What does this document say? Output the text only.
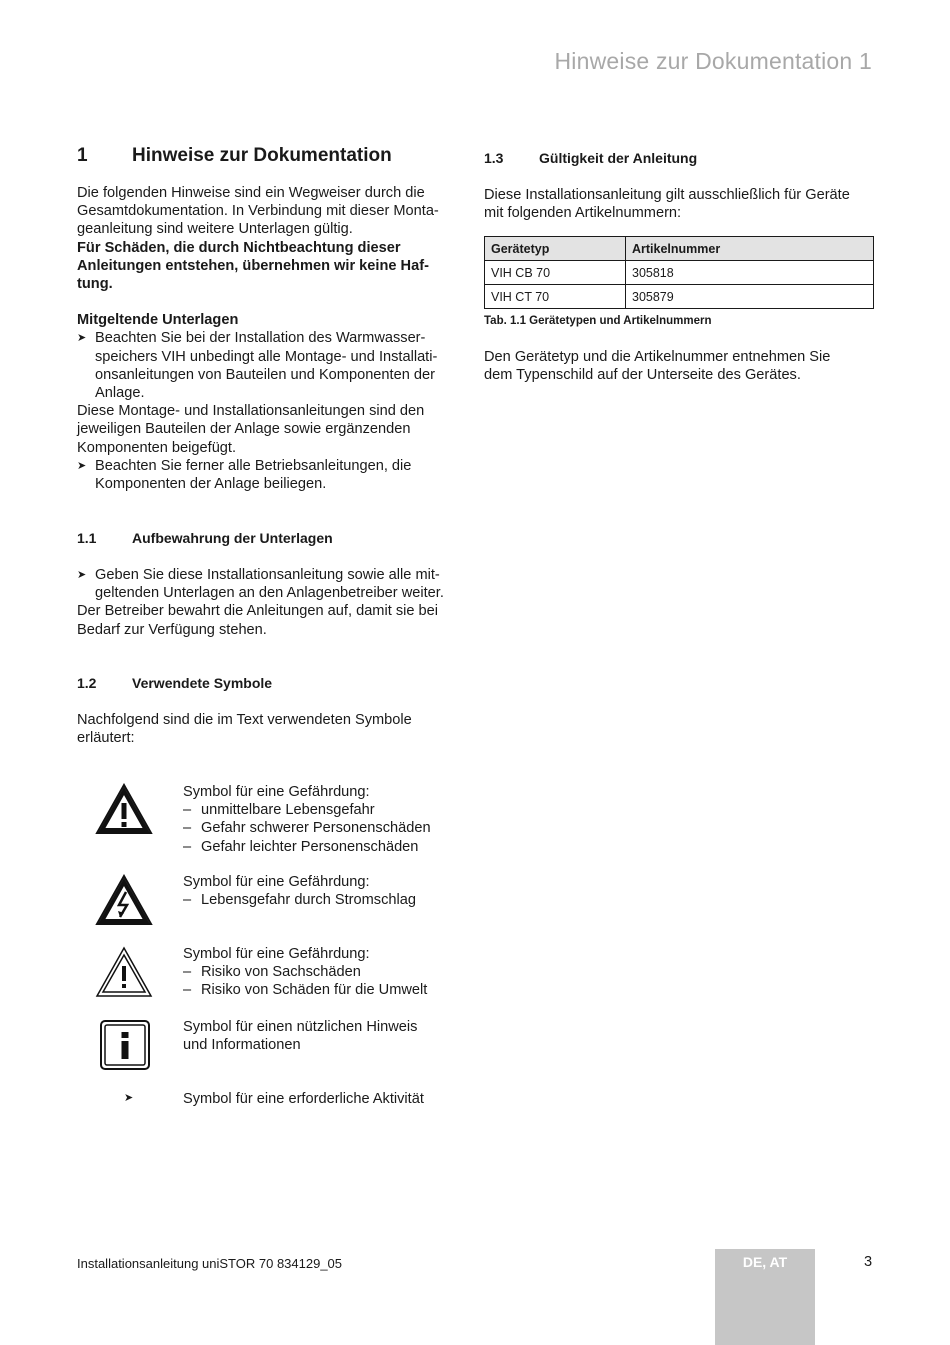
Hinweise zur Dokumentation 1
1	Hinweise zur Dokumentation

Die folgenden Hinweise sind ein Wegweiser durch die

Gesamtdokumentation. In Verbindung mit dieser Monta-

geanleitung sind weitere Unterlagen gültig.

Für Schäden, die durch Nichtbeachtung dieser

Anleitungen entstehen, übernehmen wir keine Haf-

tung.

Mitgeltende Unterlagen

➤ Beachten Sie bei der Installation des Warmwasser-

speichers VIH unbedingt alle Montage- und Installati-

onsanleitungen von Bauteilen und Komponenten der

Anlage.

Diese Montage- und Installationsanleitungen sind den

jeweiligen Bauteilen der Anlage sowie ergänzenden

Komponenten beigefügt.

➤ Beachten Sie ferner alle Betriebsanleitungen, die

Komponenten der Anlage beiliegen.

1.1	Aufbewahrung der Unterlagen
➤ Geben Sie diese Installationsanleitung sowie alle mit-

geltenden Unterlagen an den Anlagenbetreiber weiter.

Der Betreiber bewahrt die Anleitungen auf, damit sie bei

Bedarf zur Verfügung stehen.

1.2	Verwendete Symbole

Nachfolgend sind die im Text verwendeten Symbole

erläutert:

Symbol für eine Gefährdung:
– unmittelbare Lebensgefahr
– Gefahr schwerer Personenschäden
– Gefahr leichter Personenschäden
Symbol für eine Gefährdung:
– Lebensgefahr durch Stromschlag
Symbol für eine Gefährdung:
– Risiko von Sachschäden
– Risiko von Schäden für die Umwelt
Symbol für einen nützlichen Hinweis
und Informationen
➤	Symbol für eine erforderliche Aktivität
1.3	Gültigkeit der Anleitung

Diese Installationsanleitung gilt ausschließlich für Geräte

mit folgenden Artikelnummern:

Gerätetyp	Artikelnummer
VIH CB 70	305818
VIH CT 70	305879
Tab. 1.1 Gerätetypen und Artikelnummern

Den Gerätetyp und die Artikelnummer entnehmen Sie

dem Typenschild auf der Unterseite des Gerätes.

Installationsanleitung uniSTOR 70 834129_05	DE, AT	3
